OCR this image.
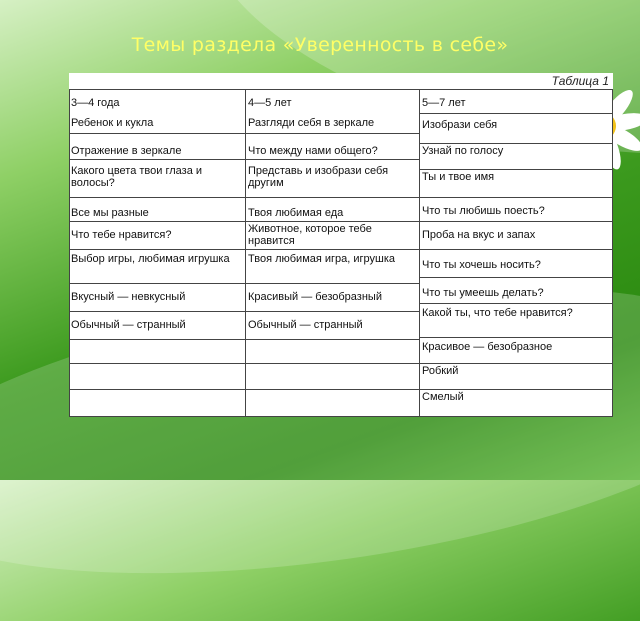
Темы раздела «Уверенность в себе»
Таблица 1
3—4 года
Ребенок и кукла
Отражение в зеркале
Какого цвета твои глаза и волосы?
Все мы разные
Что тебе нравится?
Выбор игры, любимая игрушка
Вкусный — невкусный
Обычный — странный
4—5 лет
Разгляди себя в зеркале
Что между нами общего?
Представь и изобрази себя другим
Твоя любимая еда
Животное, которое тебе нравится
Твоя любимая игра, игрушка
Красивый — безобразный
Обычный — странный
5—7 лет
Изобрази себя
Узнай по голосу
Ты и твое имя
Что ты любишь поесть?
Проба на вкус и запах
Что ты хочешь носить?
Что ты умеешь делать?
Какой ты, что тебе нравится?
Красивое — безобразное
Робкий
Смелый
